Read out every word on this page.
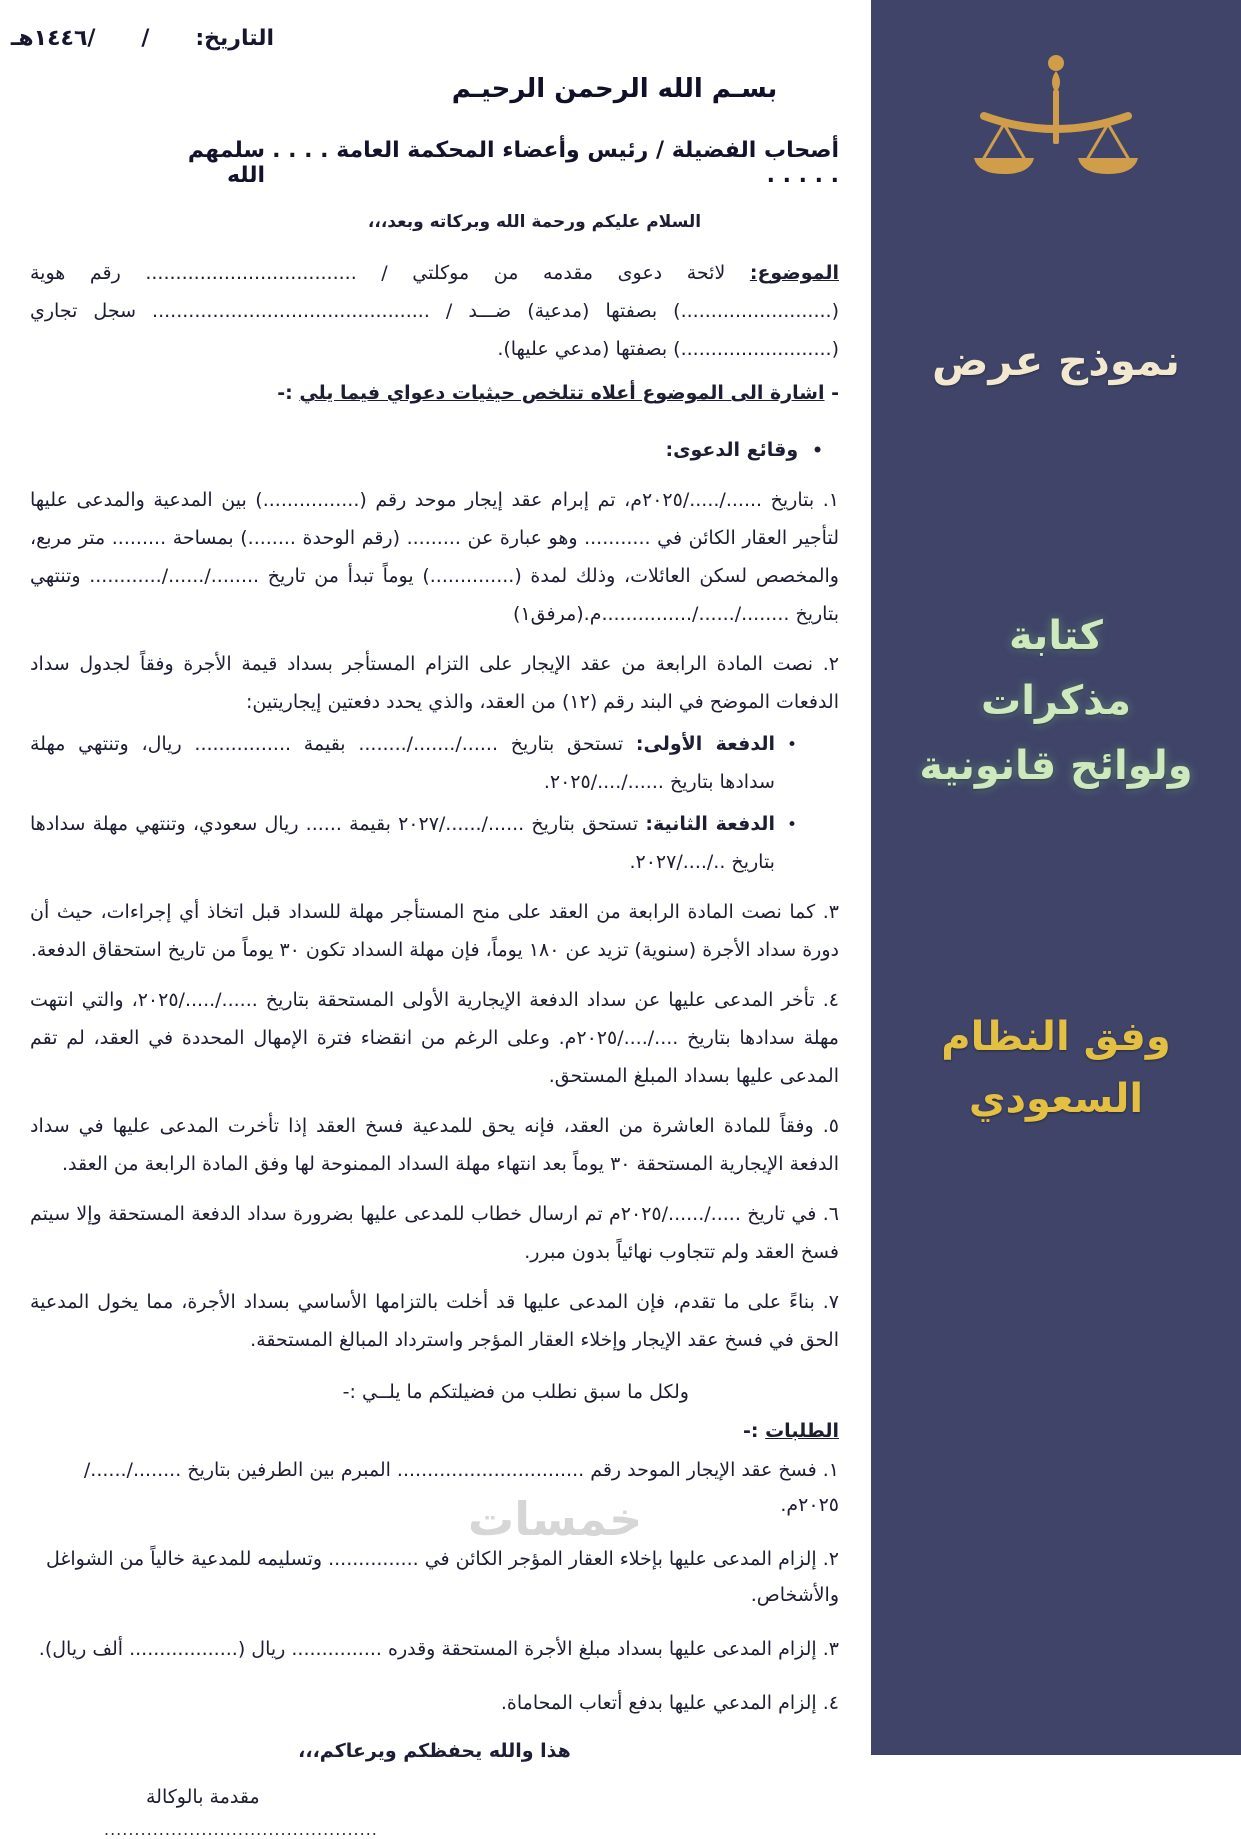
التاريخ:      /      /١٤٤٦هـ
بسـم الله الرحمن الرحيـم
أصحاب الفضيلة / رئيس وأعضاء المحكمة العامة . . . . . . . . .
سلمهم الله
السلام عليكم ورحمة الله وبركاته وبعد،،،

الموضوع: لائحة دعوى مقدمه من موكلتي / ................................... رقم هوية (.........................) بصفتها (مدعية) ضـــد / .............................................. سجل تجاري (.........................) بصفتها (مدعي عليها).

- اشارة الى الموضوع أعلاه تتلخص حيثيات دعواي فيما يلي :-

•
وقائع الدعوى:

١. بتاريخ ....../...../٢٠٢٥م، تم إبرام عقد إيجار موحد رقم (................) بين المدعية والمدعى عليها لتأجير العقار الكائن في ........... وهو عبارة عن ......... (رقم الوحدة ........) بمساحة ......... متر مربع، والمخصص لسكن العائلات، وذلك لمدة (..............) يوماً تبدأ من تاريخ ......../....../............ وتنتهي بتاريخ ......../....../...............م.(مرفق١)

٢. نصت المادة الرابعة من عقد الإيجار على التزام المستأجر بسداد قيمة الأجرة وفقاً لجدول سداد الدفعات الموضح في البند رقم (١٢) من العقد، والذي يحدد دفعتين إيجاريتين:

•
الدفعة الأولى: تستحق بتاريخ ....../......./........ بقيمة ................ ريال، وتنتهي مهلة سدادها بتاريخ ....../..../٢٠٢٥.
•
الدفعة الثانية: تستحق بتاريخ ....../....../٢٠٢٧ بقيمة ...... ريال سعودي، وتنتهي مهلة سدادها بتاريخ ../..../٢٠٢٧.

٣. كما نصت المادة الرابعة من العقد على منح المستأجر مهلة للسداد قبل اتخاذ أي إجراءات، حيث أن دورة سداد الأجرة (سنوية) تزيد عن ١٨٠ يوماً، فإن مهلة السداد تكون ٣٠ يوماً من تاريخ استحقاق الدفعة.

٤. تأخر المدعى عليها عن سداد الدفعة الإيجارية الأولى المستحقة بتاريخ ....../...../٢٠٢٥، والتي انتهت مهلة سدادها بتاريخ ..../..../٢٠٢٥م. وعلى الرغم من انقضاء فترة الإمهال المحددة في العقد، لم تقم المدعى عليها بسداد المبلغ المستحق.

٥. وفقاً للمادة العاشرة من العقد، فإنه يحق للمدعية فسخ العقد إذا تأخرت المدعى عليها في سداد الدفعة الإيجارية المستحقة ٣٠ يوماً بعد انتهاء مهلة السداد الممنوحة لها وفق المادة الرابعة من العقد.

٦. في تاريخ ...../....../٢٠٢٥م تم ارسال خطاب للمدعى عليها بضرورة سداد الدفعة المستحقة وإلا سيتم فسخ العقد ولم تتجاوب نهائياً بدون مبرر.

٧. بناءً على ما تقدم، فإن المدعى عليها قد أخلت بالتزامها الأساسي بسداد الأجرة، مما يخول المدعية الحق في فسخ عقد الإيجار وإخلاء العقار المؤجر واسترداد المبالغ المستحقة.

ولكل ما سبق نطلب من فضيلتكم ما يلــي :-
الطلبات :-

١. فسخ عقد الإيجار الموحد رقم ............................... المبرم بين الطرفين بتاريخ ......../....../٢٠٢٥م.

٢. إلزام المدعى عليها بإخلاء العقار المؤجر الكائن في ............... وتسليمه للمدعية خالياً من الشواغل والأشخاص.

٣. إلزام المدعى عليها بسداد مبلغ الأجرة المستحقة وقدره ............... ريال (.................. ألف ريال).

٤. إلزام المدعي عليها بدفع أتعاب المحاماة.

هذا والله يحفظكم ويرعاكم،،،
مقدمة بالوكالة
.............................................
خمسات
نموذج عرض
كتابة
مذكرات
ولوائح قانونية
وفق النظام
السعودي
